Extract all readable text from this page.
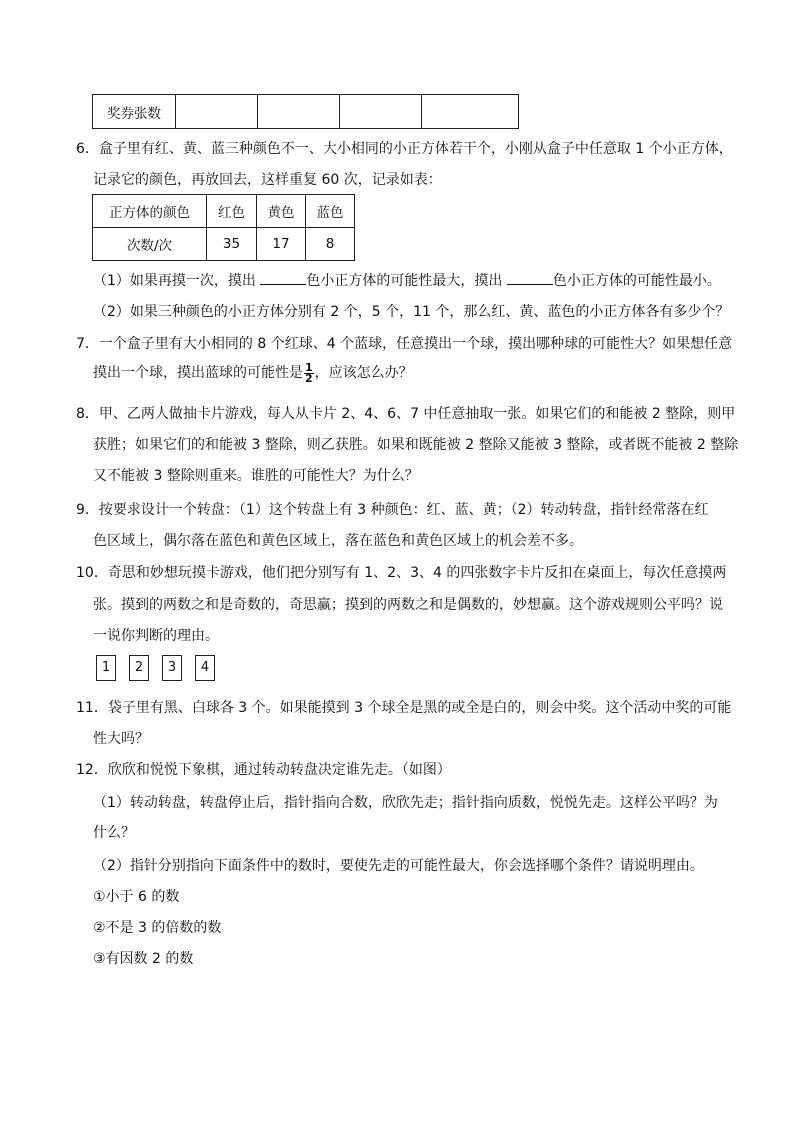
奖券张数				
6．盒子里有红、黄、蓝三种颜色不一、大小相同的小正方体若干个，小刚从盒子中任意取 1 个小正方体，
记录它的颜色，再放回去，这样重复 60 次，记录如表：
正方体的颜色	红色	黄色	蓝色
次数/次	35	17	8
（1）如果再摸一次，摸出	色小正方体的可能性最大，摸出	色小正方体的可能性最小。
（2）如果三种颜色的小正方体分别有 2 个，5 个，11 个，那么红、黄、蓝色的小正方体各有多少个？
7．一个盒子里有大小相同的 8 个红球、4 个蓝球，任意摸出一个球，摸出哪种球的可能性大？如果想任意
摸出一个球，摸出蓝球的可能性是 $\frac{1}{2}$ ，应该怎么办？
8．甲、乙两人做抽卡片游戏，每人从卡片 2、4、6、7 中任意抽取一张。如果它们的和能被 2 整除，则甲
获胜；如果它们的和能被 3 整除，则乙获胜。如果和既能被 2 整除又能被 3 整除，或者既不能被 2 整除
又不能被 3 整除则重来。谁胜的可能性大？为什么？
9．按要求设计一个转盘：（1）这个转盘上有 3 种颜色：红、蓝、黄；（2）转动转盘，指针经常落在红
色区域上，偶尔落在蓝色和黄色区域上，落在蓝色和黄色区域上的机会差不多。
10．奇思和妙想玩摸卡游戏，他们把分别写有 1、2、3、4 的四张数字卡片反扣在桌面上，每次任意摸两
张。摸到的两数之和是奇数的，奇思赢；摸到的两数之和是偶数的，妙想赢。这个游戏规则公平吗？说
一说你判断的理由。
1	2	3	4
11．袋子里有黑、白球各 3 个。如果能摸到 3 个球全是黑的或全是白的，则会中奖。这个活动中奖的可能
性大吗？
12．欣欣和悦悦下象棋，通过转动转盘决定谁先走。（如图）
（1）转动转盘，转盘停止后，指针指向合数，欣欣先走；指针指向质数，悦悦先走。这样公平吗？为
什么？
（2）指针分别指向下面条件中的数时，要使先走的可能性最大，你会选择哪个条件？请说明理由。
①小于 6 的数
②不是 3 的倍数的数
③有因数 2 的数
